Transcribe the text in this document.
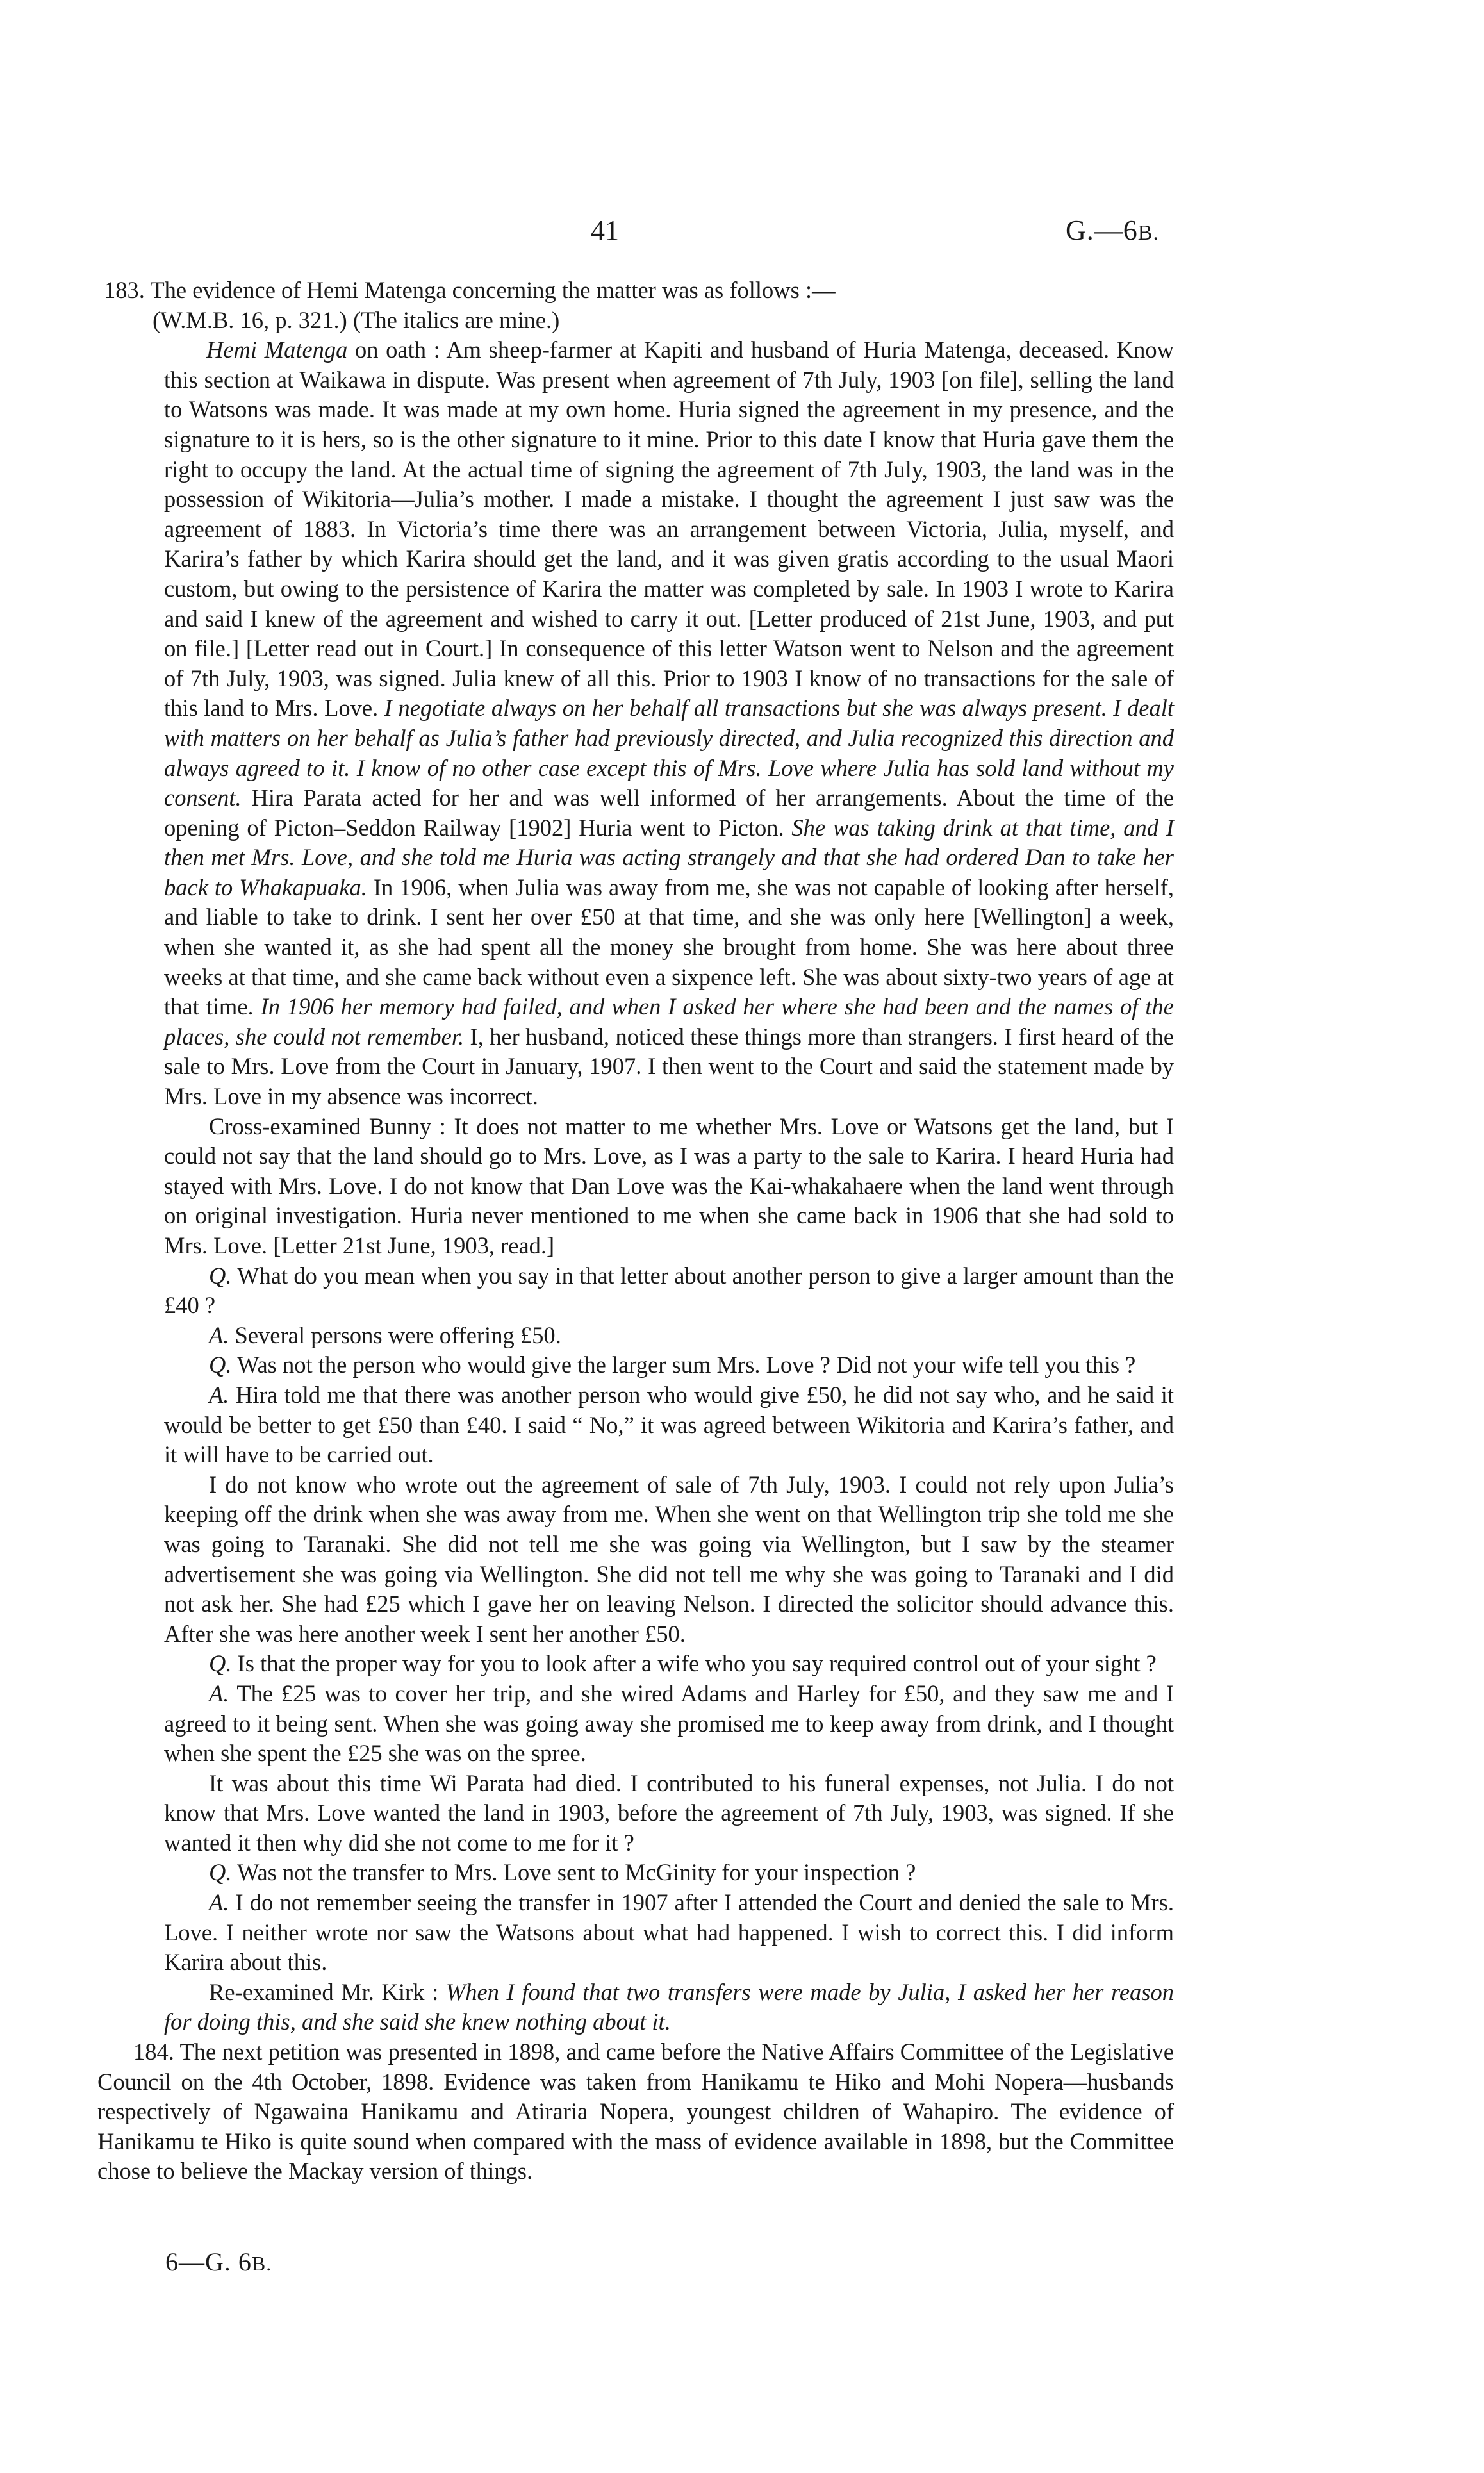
41	G.—6B.

183. The evidence of Hemi Matenga concerning the matter was as follows :—

(W.M.B. 16, p. 321.) (The italics are mine.)

Hemi Matenga on oath : Am sheep-farmer at Kapiti and husband of Huria Matenga, deceased. Know this section at Waikawa in dispute. Was present when agreement of 7th July, 1903 [on file], selling the land to Watsons was made. It was made at my own home. Huria signed the agreement in my presence, and the signature to it is hers, so is the other signature to it mine. Prior to this date I know that Huria gave them the right to occupy the land. At the actual time of signing the agreement of 7th July, 1903, the land was in the possession of Wikitoria—Julia’s mother. I made a mistake. I thought the agreement I just saw was the agreement of 1883. In Victoria’s time there was an arrangement between Victoria, Julia, myself, and Karira’s father by which Karira should get the land, and it was given gratis according to the usual Maori custom, but owing to the persistence of Karira the matter was completed by sale. In 1903 I wrote to Karira and said I knew of the agreement and wished to carry it out. [Letter produced of 21st June, 1903, and put on file.] [Letter read out in Court.] In consequence of this letter Watson went to Nelson and the agreement of 7th July, 1903, was signed. Julia knew of all this. Prior to 1903 I know of no transactions for the sale of this land to Mrs. Love. I negotiate always on her behalf all transactions but she was always present. I dealt with matters on her behalf as Julia’s father had previously directed, and Julia recognized this direction and always agreed to it. I know of no other case except this of Mrs. Love where Julia has sold land without my consent. Hira Parata acted for her and was well informed of her arrangements. About the time of the opening of Picton–Seddon Railway [1902] Huria went to Picton. She was taking drink at that time, and I then met Mrs. Love, and she told me Huria was acting strangely and that she had ordered Dan to take her back to Whakapuaka. In 1906, when Julia was away from me, she was not capable of looking after herself, and liable to take to drink. I sent her over £50 at that time, and she was only here [Wellington] a week, when she wanted it, as she had spent all the money she brought from home. She was here about three weeks at that time, and she came back without even a sixpence left. She was about sixty-two years of age at that time. In 1906 her memory had failed, and when I asked her where she had been and the names of the places, she could not remember. I, her husband, noticed these things more than strangers. I first heard of the sale to Mrs. Love from the Court in January, 1907. I then went to the Court and said the statement made by Mrs. Love in my absence was incorrect.

Cross-examined Bunny : It does not matter to me whether Mrs. Love or Watsons get the land, but I could not say that the land should go to Mrs. Love, as I was a party to the sale to Karira. I heard Huria had stayed with Mrs. Love. I do not know that Dan Love was the Kai-whakahaere when the land went through on original investigation. Huria never mentioned to me when she came back in 1906 that she had sold to Mrs. Love. [Letter 21st June, 1903, read.]

Q. What do you mean when you say in that letter about another person to give a larger amount than the £40 ?

A. Several persons were offering £50.

Q. Was not the person who would give the larger sum Mrs. Love ? Did not your wife tell you this ?

A. Hira told me that there was another person who would give £50, he did not say who, and he said it would be better to get £50 than £40. I said “ No,” it was agreed between Wikitoria and Karira’s father, and it will have to be carried out.

I do not know who wrote out the agreement of sale of 7th July, 1903. I could not rely upon Julia’s keeping off the drink when she was away from me. When she went on that Wellington trip she told me she was going to Taranaki. She did not tell me she was going via Wellington, but I saw by the steamer advertisement she was going via Wellington. She did not tell me why she was going to Taranaki and I did not ask her. She had £25 which I gave her on leaving Nelson. I directed the solicitor should advance this. After she was here another week I sent her another £50.

Q. Is that the proper way for you to look after a wife who you say required control out of your sight ?

A. The £25 was to cover her trip, and she wired Adams and Harley for £50, and they saw me and I agreed to it being sent. When she was going away she promised me to keep away from drink, and I thought when she spent the £25 she was on the spree.

It was about this time Wi Parata had died. I contributed to his funeral expenses, not Julia. I do not know that Mrs. Love wanted the land in 1903, before the agreement of 7th July, 1903, was signed. If she wanted it then why did she not come to me for it ?

Q. Was not the transfer to Mrs. Love sent to McGinity for your inspection ?

A. I do not remember seeing the transfer in 1907 after I attended the Court and denied the sale to Mrs. Love. I neither wrote nor saw the Watsons about what had happened. I wish to correct this. I did inform Karira about this.

Re-examined Mr. Kirk : When I found that two transfers were made by Julia, I asked her her reason for doing this, and she said she knew nothing about it.

184. The next petition was presented in 1898, and came before the Native Affairs Committee of the Legislative Council on the 4th October, 1898. Evidence was taken from Hanikamu te Hiko and Mohi Nopera—husbands respectively of Ngawaina Hanikamu and Atiraria Nopera, youngest children of Wahapiro. The evidence of Hanikamu te Hiko is quite sound when compared with the mass of evidence available in 1898, but the Committee chose to believe the Mackay version of things.

6—G. 6B.
